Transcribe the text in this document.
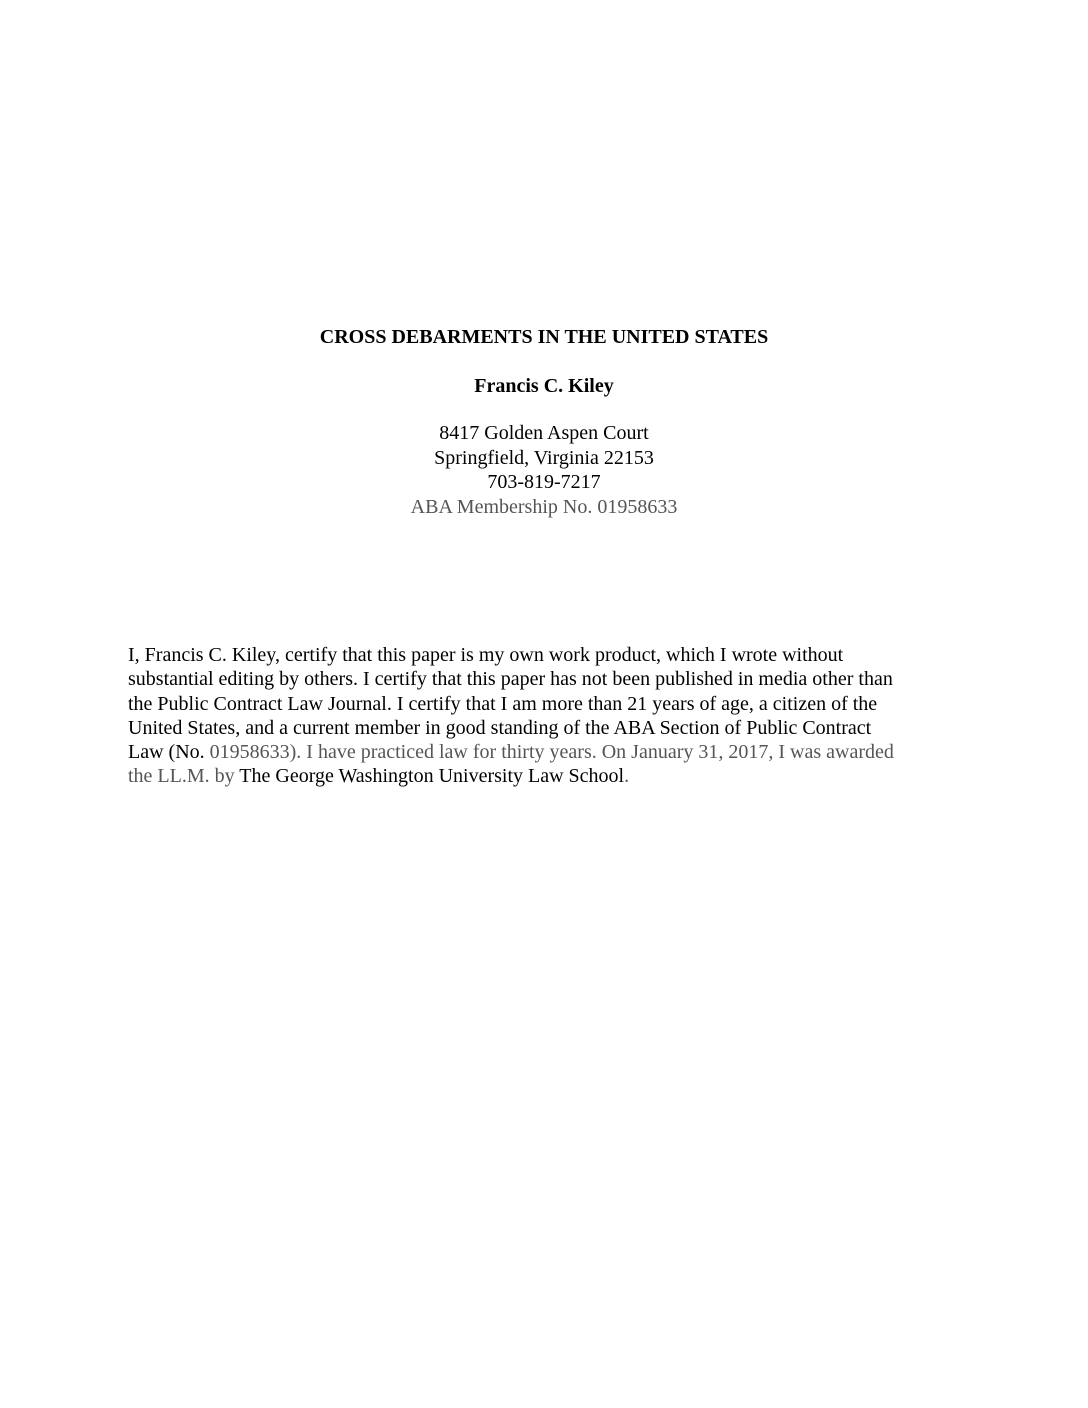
CROSS DEBARMENTS IN THE UNITED STATES

Francis C. Kiley

8417 Golden Aspen Court
Springfield, Virginia 22153
703-819-7217
ABA Membership No. 01958633

I, Francis C. Kiley, certify that this paper is my own work product, which I wrote without
substantial editing by others. I certify that this paper has not been published in media other than
the Public Contract Law Journal. I certify that I am more than 21 years of age, a citizen of the
United States, and a current member in good standing of the ABA Section of Public Contract
Law (No. 01958633). I have practiced law for thirty years. On January 31, 2017, I was awarded
the LL.M. by The George Washington University Law School.
